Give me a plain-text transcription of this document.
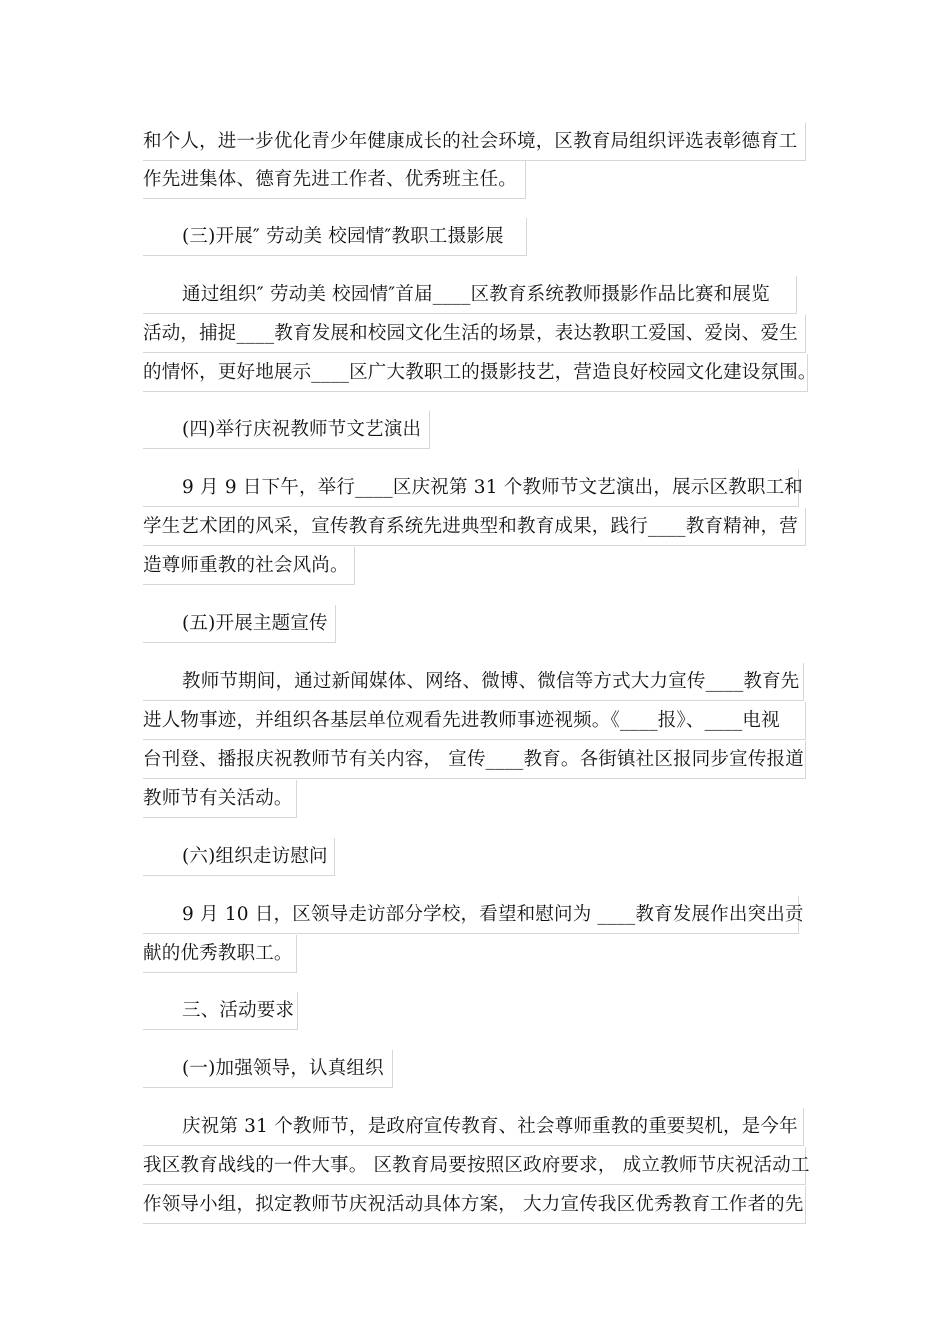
和个人，进一步优化青少年健康成长的社会环境，区教育局组织评选表彰德育工
作先进集体、德育先进工作者、优秀班主任。
(三)开展″ 劳动美 校园情″教职工摄影展
通过组织″ 劳动美 校园情″首届____区教育系统教师摄影作品比赛和展览
活动，捕捉____教育发展和校园文化生活的场景，表达教职工爱国、爱岗、爱生
的情怀，更好地展示____区广大教职工的摄影技艺，营造良好校园文化建设氛围。
(四)举行庆祝教师节文艺演出
9 月 9 日下午，举行____区庆祝第 31 个教师节文艺演出，展示区教职工和
学生艺术团的风采，宣传教育系统先进典型和教育成果，践行____教育精神，营
造尊师重教的社会风尚。
(五)开展主题宣传
教师节期间，通过新闻媒体、网络、微博、微信等方式大力宣传____教育先
进人物事迹，并组织各基层单位观看先进教师事迹视频。《____报》、____电视
台刊登、播报庆祝教师节有关内容， 宣传____教育。各街镇社区报同步宣传报道
教师节有关活动。
(六)组织走访慰问
9 月 10 日，区领导走访部分学校，看望和慰问为 ____教育发展作出突出贡
献的优秀教职工。
三、活动要求
(一)加强领导，认真组织
庆祝第 31 个教师节，是政府宣传教育、社会尊师重教的重要契机，是今年
我区教育战线的一件大事。 区教育局要按照区政府要求， 成立教师节庆祝活动工
作领导小组，拟定教师节庆祝活动具体方案， 大力宣传我区优秀教育工作者的先
